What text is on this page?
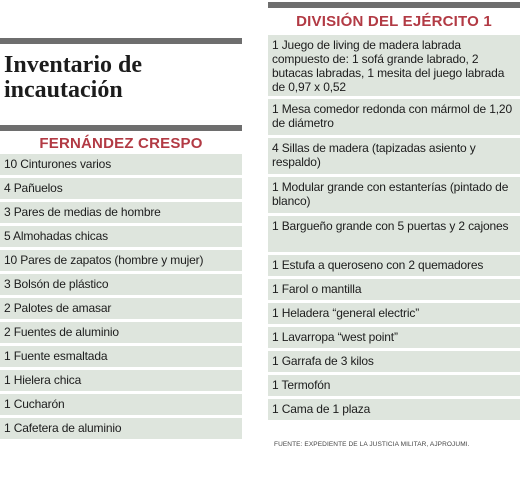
Inventario de incautación
FERNÁNDEZ CRESPO
10 Cinturones varios
4 Pañuelos
3 Pares de medias de hombre
5 Almohadas chicas
10 Pares de zapatos (hombre y mujer)
3 Bolsón de plástico
2 Palotes de amasar
2 Fuentes de aluminio
1 Fuente esmaltada
1 Hielera chica
1 Cucharón
1 Cafetera de aluminio
DIVISIÓN DEL EJÉRCITO 1
1 Juego de living de madera labrada compuesto de: 1 sofá grande labrado, 2 butacas labradas, 1 mesita del juego labrada de 0,97 x 0,52
1 Mesa comedor redonda con mármol de 1,20 de diámetro
4 Sillas de madera (tapizadas asiento y respaldo)
1 Modular grande con estanterías (pintado de blanco)
1 Bargueño grande con 5 puertas y 2 cajones
1 Estufa a queroseno con 2 quemadores
1 Farol o mantilla
1 Heladera “general electric”
1 Lavarropa “west point”
1 Garrafa de 3 kilos
1 Termofón
1 Cama de 1 plaza
FUENTE: EXPEDIENTE DE LA JUSTICIA MILITAR, AJPROJUMI.
